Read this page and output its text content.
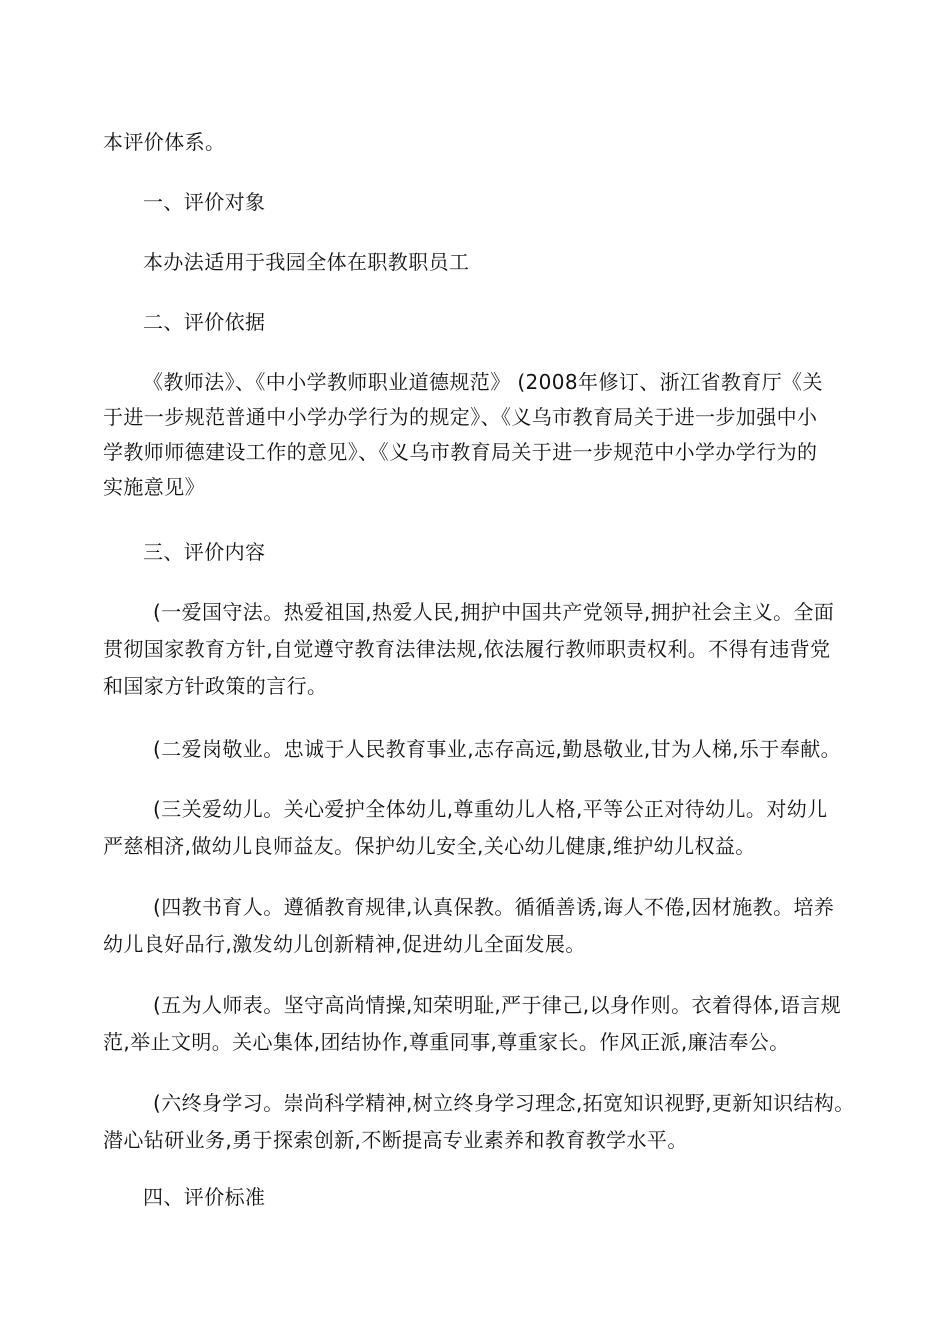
本评价体系。
一、评价对象
本办法适用于我园全体在职教职员工
二、评价依据
《教师法》、《中小学教师职业道德规范》 (2008年修订、浙江省教育厅《关
于进一步规范普通中小学办学行为的规定》、《义乌市教育局关于进一步加强中小
学教师师德建设工作的意见》、《义乌市教育局关于进一步规范中小学办学行为的
实施意见》
三、评价内容
(一爱国守法。热爱祖国,热爱人民,拥护中国共产党领导,拥护社会主义。全面
贯彻国家教育方针,自觉遵守教育法律法规,依法履行教师职责权利。不得有违背党
和国家方针政策的言行。
(二爱岗敬业。忠诚于人民教育事业,志存高远,勤恳敬业,甘为人梯,乐于奉献。
(三关爱幼儿。关心爱护全体幼儿,尊重幼儿人格,平等公正对待幼儿。对幼儿
严慈相济,做幼儿良师益友。保护幼儿安全,关心幼儿健康,维护幼儿权益。
(四教书育人。遵循教育规律,认真保教。循循善诱,诲人不倦,因材施教。培养
幼儿良好品行,激发幼儿创新精神,促进幼儿全面发展。
(五为人师表。坚守高尚情操,知荣明耻,严于律己,以身作则。衣着得体,语言规
范,举止文明。关心集体,团结协作,尊重同事,尊重家长。作风正派,廉洁奉公。
(六终身学习。崇尚科学精神,树立终身学习理念,拓宽知识视野,更新知识结构。
潜心钻研业务,勇于探索创新,不断提高专业素养和教育教学水平。
四、评价标准
